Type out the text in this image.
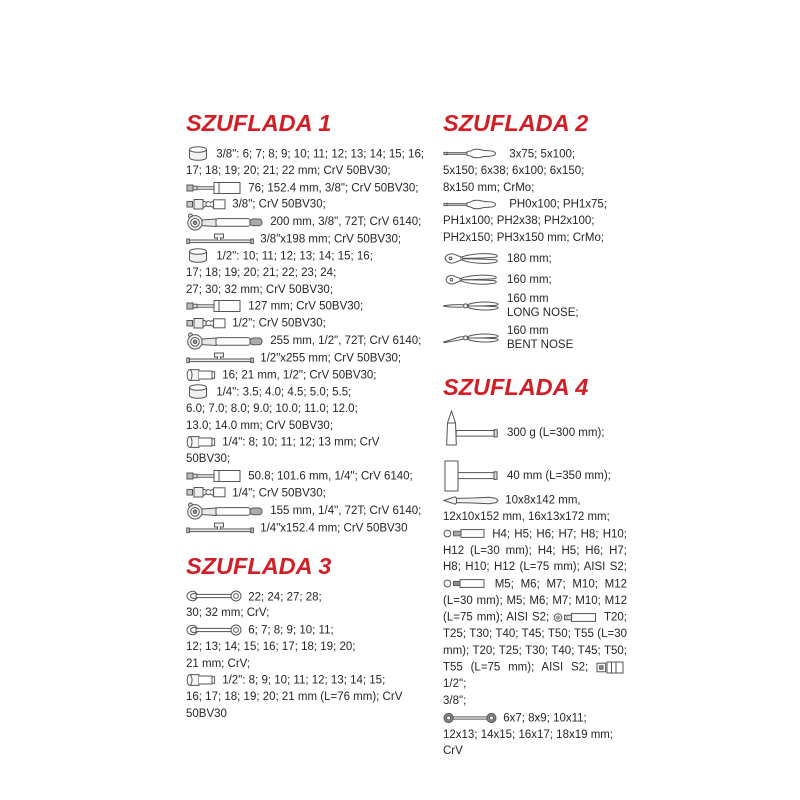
SZUFLADA 1
3/8": 6; 7; 8; 9; 10; 11; 12; 13; 14; 15; 16;
17; 18; 19; 20; 21; 22 mm; CrV 50BV30;
76; 152.4 mm, 3/8"; CrV 50BV30;
3/8"; CrV 50BV30;
200 mm, 3/8", 72T; CrV 6140;
3/8"x198 mm; CrV 50BV30;
1/2": 10; 11; 12; 13; 14; 15; 16;
17; 18; 19; 20; 21; 22; 23; 24;
27; 30; 32 mm; CrV 50BV30;
127 mm; CrV 50BV30;
1/2"; CrV 50BV30;
255 mm, 1/2", 72T; CrV 6140;
1/2"x255 mm; CrV 50BV30;
16; 21 mm, 1/2"; CrV 50BV30;
1/4": 3.5; 4.0; 4.5; 5.0; 5.5;
6.0; 7.0; 8.0; 9.0; 10.0; 11.0; 12.0;
13.0; 14.0 mm; CrV 50BV30;
1/4": 8; 10; 11; 12; 13 mm; CrV
50BV30;
50.8; 101.6 mm, 1/4"; CrV 6140;
1/4"; CrV 50BV30;
155 mm, 1/4", 72T; CrV 6140;
1/4"x152.4 mm; CrV 50BV30
SZUFLADA 3
22; 24; 27; 28;
30; 32 mm; CrV;
6; 7; 8; 9; 10; 11;
12; 13; 14; 15; 16; 17; 18; 19; 20;
21 mm; CrV;
1/2": 8; 9; 10; 11; 12; 13; 14; 15;
16; 17; 18; 19; 20; 21 mm (L=76 mm); CrV
50BV30
SZUFLADA 2
3x75; 5x100;
5x150; 6x38; 6x100; 6x150;
8x150 mm; CrMo;
PH0x100; PH1x75;
PH1x100; PH2x38; PH2x100;
PH2x150; PH3x150 mm; CrMo;
180 mm;
160 mm;
160 mm
LONG NOSE;
160 mm
BENT NOSE
SZUFLADA 4
300 g (L=300 mm);
40 mm (L=350 mm);
10x8x142 mm,
12x10x152 mm, 16x13x172 mm;
H4; H5; H6; H7; H8; H10;
H12 (L=30 mm); H4; H5; H6; H7;
H8; H10; H12 (L=75 mm); AISI S2;
M5; M6; M7; M10; M12
(L=30 mm); M5; M6; M7; M10; M12
(L=75 mm); AISI S2;	T20;
T25; T30; T40; T45; T50; T55 (L=30
mm); T20; T25; T30; T40; T45; T50;
T55 (L=75 mm); AISI S2;  1/2";
3/8";
6x7; 8x9; 10x11;
12x13; 14x15; 16x17; 18x19 mm;
CrV
